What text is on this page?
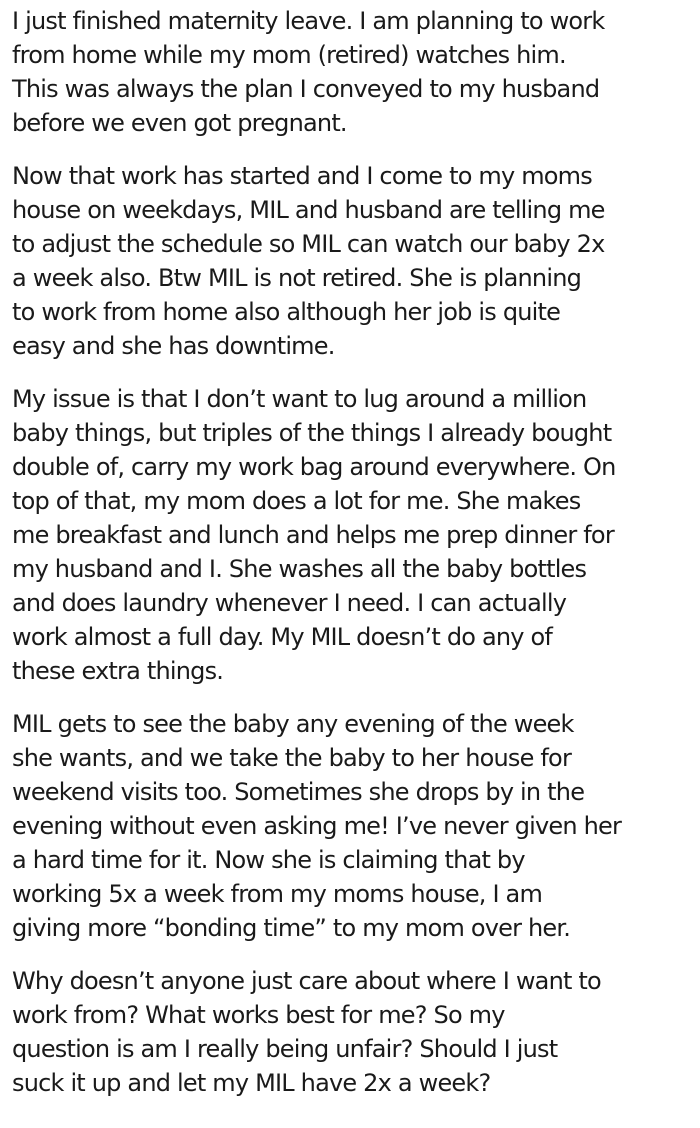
I just finished maternity leave. I am planning to work
from home while my mom (retired) watches him.
This was always the plan I conveyed to my husband
before we even got pregnant.

Now that work has started and I come to my moms
house on weekdays, MIL and husband are telling me
to adjust the schedule so MIL can watch our baby 2x
a week also. Btw MIL is not retired. She is planning
to work from home also although her job is quite
easy and she has downtime.

My issue is that I don’t want to lug around a million
baby things, but triples of the things I already bought
double of, carry my work bag around everywhere. On
top of that, my mom does a lot for me. She makes
me breakfast and lunch and helps me prep dinner for
my husband and I. She washes all the baby bottles
and does laundry whenever I need. I can actually
work almost a full day. My MIL doesn’t do any of
these extra things.

MIL gets to see the baby any evening of the week
she wants, and we take the baby to her house for
weekend visits too. Sometimes she drops by in the
evening without even asking me! I’ve never given her
a hard time for it. Now she is claiming that by
working 5x a week from my moms house, I am
giving more “bonding time” to my mom over her.

Why doesn’t anyone just care about where I want to
work from? What works best for me? So my
question is am I really being unfair? Should I just
suck it up and let my MIL have 2x a week?
